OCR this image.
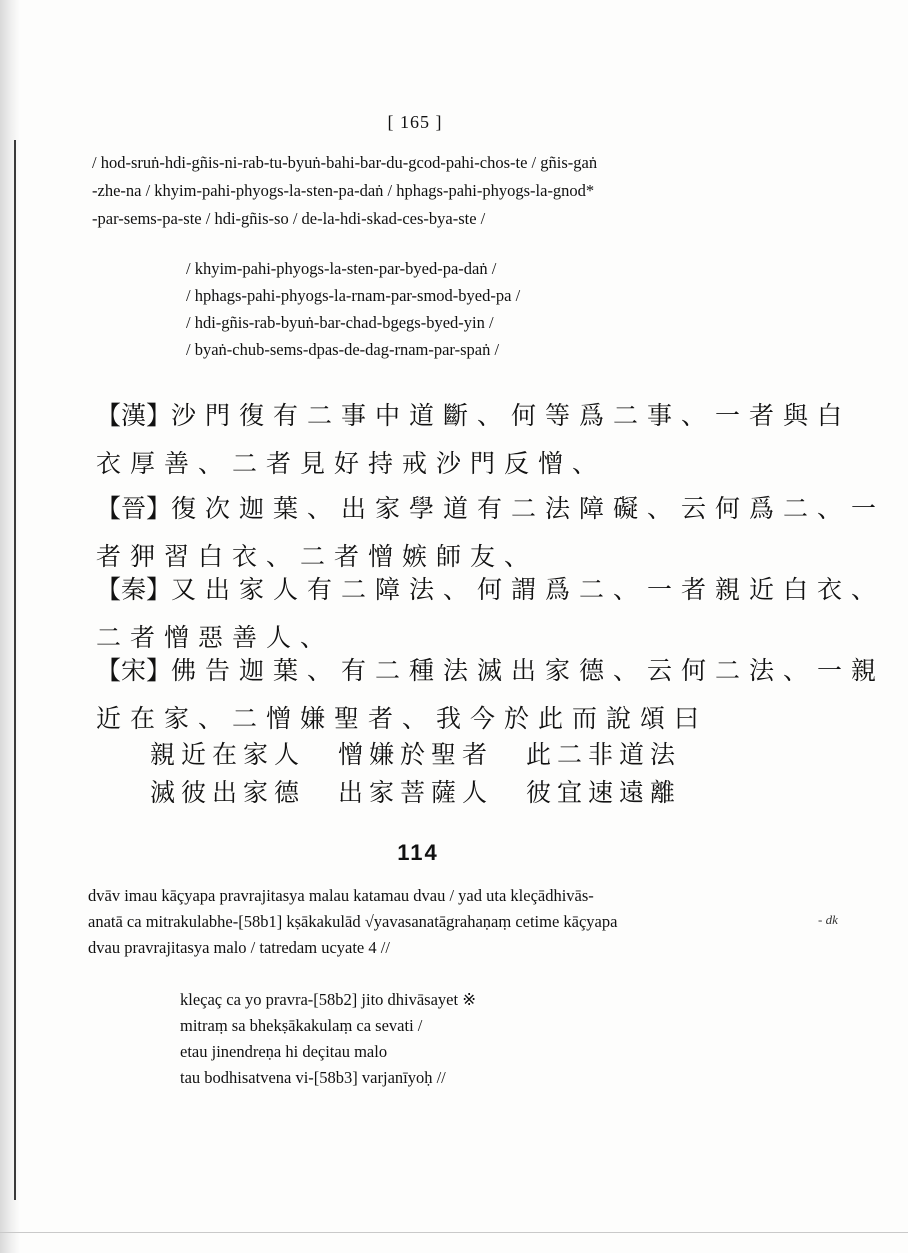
[ 165 ]
/ hod-sruṅ-hdi-gñis-ni-rab-tu-byuṅ-bahi-bar-du-gcod-pahi-chos-te / gñis-gaṅ
-zhe-na / khyim-pahi-phyogs-la-sten-pa-daṅ / hphags-pahi-phyogs-la-gnod*
-par-sems-pa-ste / hdi-gñis-so / de-la-hdi-skad-ces-bya-ste /
/ khyim-pahi-phyogs-la-sten-par-byed-pa-daṅ /
/ hphags-pahi-phyogs-la-rnam-par-smod-byed-pa /
/ hdi-gñis-rab-byuṅ-bar-chad-bgegs-byed-yin /
/ byaṅ-chub-sems-dpas-de-dag-rnam-par-spaṅ /
【漢】沙門復有二事中道斷、何等爲二事、一者與白
衣厚善、二者見好持戒沙門反憎、
【晉】復次迦葉、出家學道有二法障礙、云何爲二、一
者狎習白衣、二者憎嫉師友、
【秦】又出家人有二障法、何謂爲二、一者親近白衣、
二者憎惡善人、
【宋】佛告迦葉、有二種法滅出家德、云何二法、一親
近在家、二憎嫌聖者、我今於此而說頌曰
親近在家人
滅彼出家德
憎嫌於聖者
出家菩薩人
此二非道法
彼宜速遠離
114
dvāv imau kāçyapa pravrajitasya malau katamau dvau / yad uta kleçādhivās-
anatā ca mitrakulabhe-[58b1] kṣākakulād √yavasanatāgrahaṇaṃ cetime kāçyapa
dvau pravrajitasya malo / tatredam ucyate 4 //
- dk
kleçaç ca yo pravra-[58b2] jito dhivāsayet ※
mitraṃ sa bhekṣākakulaṃ ca sevati /
etau jinendreṇa hi deçitau malo
tau bodhisatvena vi-[58b3] varjanīyoḥ //
